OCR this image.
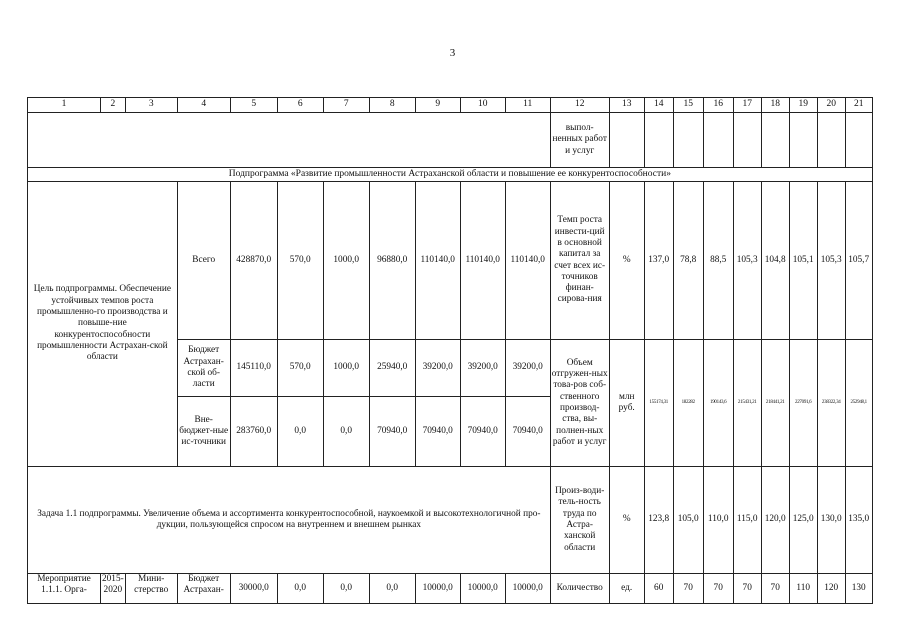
3
1	2	3	4	5	6	7	8	9	10	11	12	13	14	15	16	17	18	19	20	21
											выпол-ненных работ и услуг									
Подпрограмма «Развитие промышленности Астраханской области и повышение ее конкурентоспособности»																				
Цель подпрограммы. Обеспечение устойчивых темпов роста промышленно-го производства и повыше-ние конкурентоспособности промышленности Астрахан-ской области			Всего	428870,0	570,0	1000,0	96880,0	110140,0	110140,0	110140,0	Темп роста инвести-ций в основной капитал за счет всех ис-точников финан-сирова-ния	%	137,0	78,8	88,5	105,3	104,8	105,1	105,3	105,7
			Бюджет Астрахан-ской об-ласти	145110,0	570,0	1000,0	25940,0	39200,0	39200,0	39200,0	Объем отгружен-ных това-ров соб-ственного производ-ства, вы-полнен-ных работ и услуг	млн руб.	155174,31	182282	190143,6	215431,21	218441,21	227091,6	238322,34	252948,1
			Вне-бюджет-ные ис-точники	283760,0	0,0	0,0	70940,0	70940,0	70940,0	70940,0										
Задача 1.1 подпрограммы. Увеличение объема и ассортимента конкурентоспособной, наукоемкой и высокотехнологичной про-дукции, пользующейся спросом на внутреннем и внешнем рынках											Произ-води-тель-ность труда по Астра-ханской области	%	123,8	105,0	110,0	115,0	120,0	125,0	130,0	135,0
Мероприятие 1.1.1. Орга-	2015-2020	Мини-стерство	Бюджет Астрахан-	30000,0	0,0	0,0	0,0	10000,0	10000,0	10000,0	Количество	ед.	60	70	70	70	70	110	120	130
